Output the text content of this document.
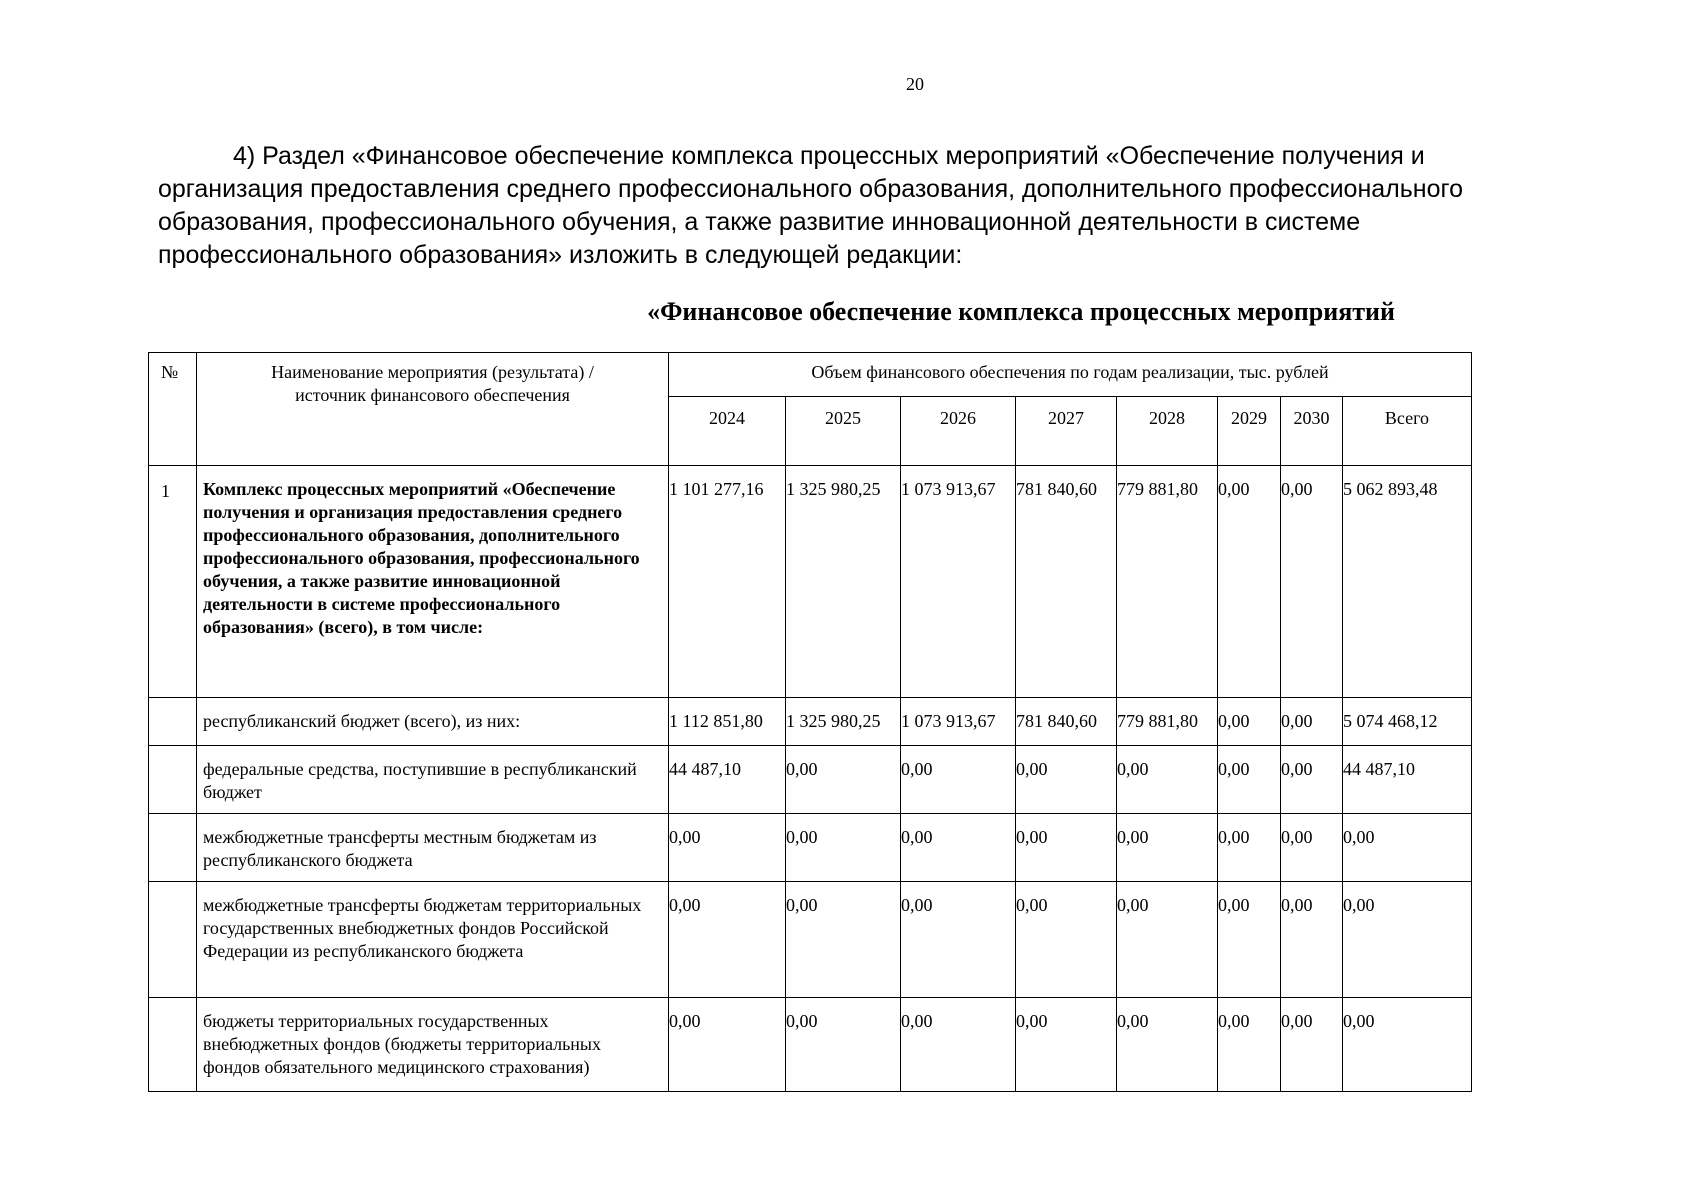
20

4) Раздел «Финансовое обеспечение комплекса процессных мероприятий «Обеспечение получения и организация предоставления среднего профессионального образования, дополнительного профессионального образования, профессионального обучения, а также развитие инновационной деятельности в системе профессионального образования» изложить в следующей редакции:

«Финансовое обеспечение комплекса процессных мероприятий
№	Наименование мероприятия (результата) / источник финансового обеспечения	Объем финансового обеспечения по годам реализации, тыс. рублей							
		2024	2025	2026	2027	2028	2029	2030	Всего
1	Комплекс процессных мероприятий «Обеспечение получения и организация предоставления среднего профессионального образования, дополнительного профессионального образования, профессионального обучения, а также развитие инновационной деятельности в системе профессионального образования» (всего), в том числе:	1 101 277,16	1 325 980,25	1 073 913,67	781 840,60	779 881,80	0,00	0,00	5 062 893,48
	республиканский бюджет (всего), из них:	1 112 851,80	1 325 980,25	1 073 913,67	781 840,60	779 881,80	0,00	0,00	5 074 468,12
	федеральные средства, поступившие в республиканский бюджет	44 487,10	0,00	0,00	0,00	0,00	0,00	0,00	44 487,10
	межбюджетные трансферты местным бюджетам из республиканского бюджета	0,00	0,00	0,00	0,00	0,00	0,00	0,00	0,00
	межбюджетные трансферты бюджетам территориальных государственных внебюджетных фондов Российской Федерации из республиканского бюджета	0,00	0,00	0,00	0,00	0,00	0,00	0,00	0,00
	бюджеты территориальных государственных внебюджетных фондов (бюджеты территориальных фондов обязательного медицинского страхования)	0,00	0,00	0,00	0,00	0,00	0,00	0,00	0,00
